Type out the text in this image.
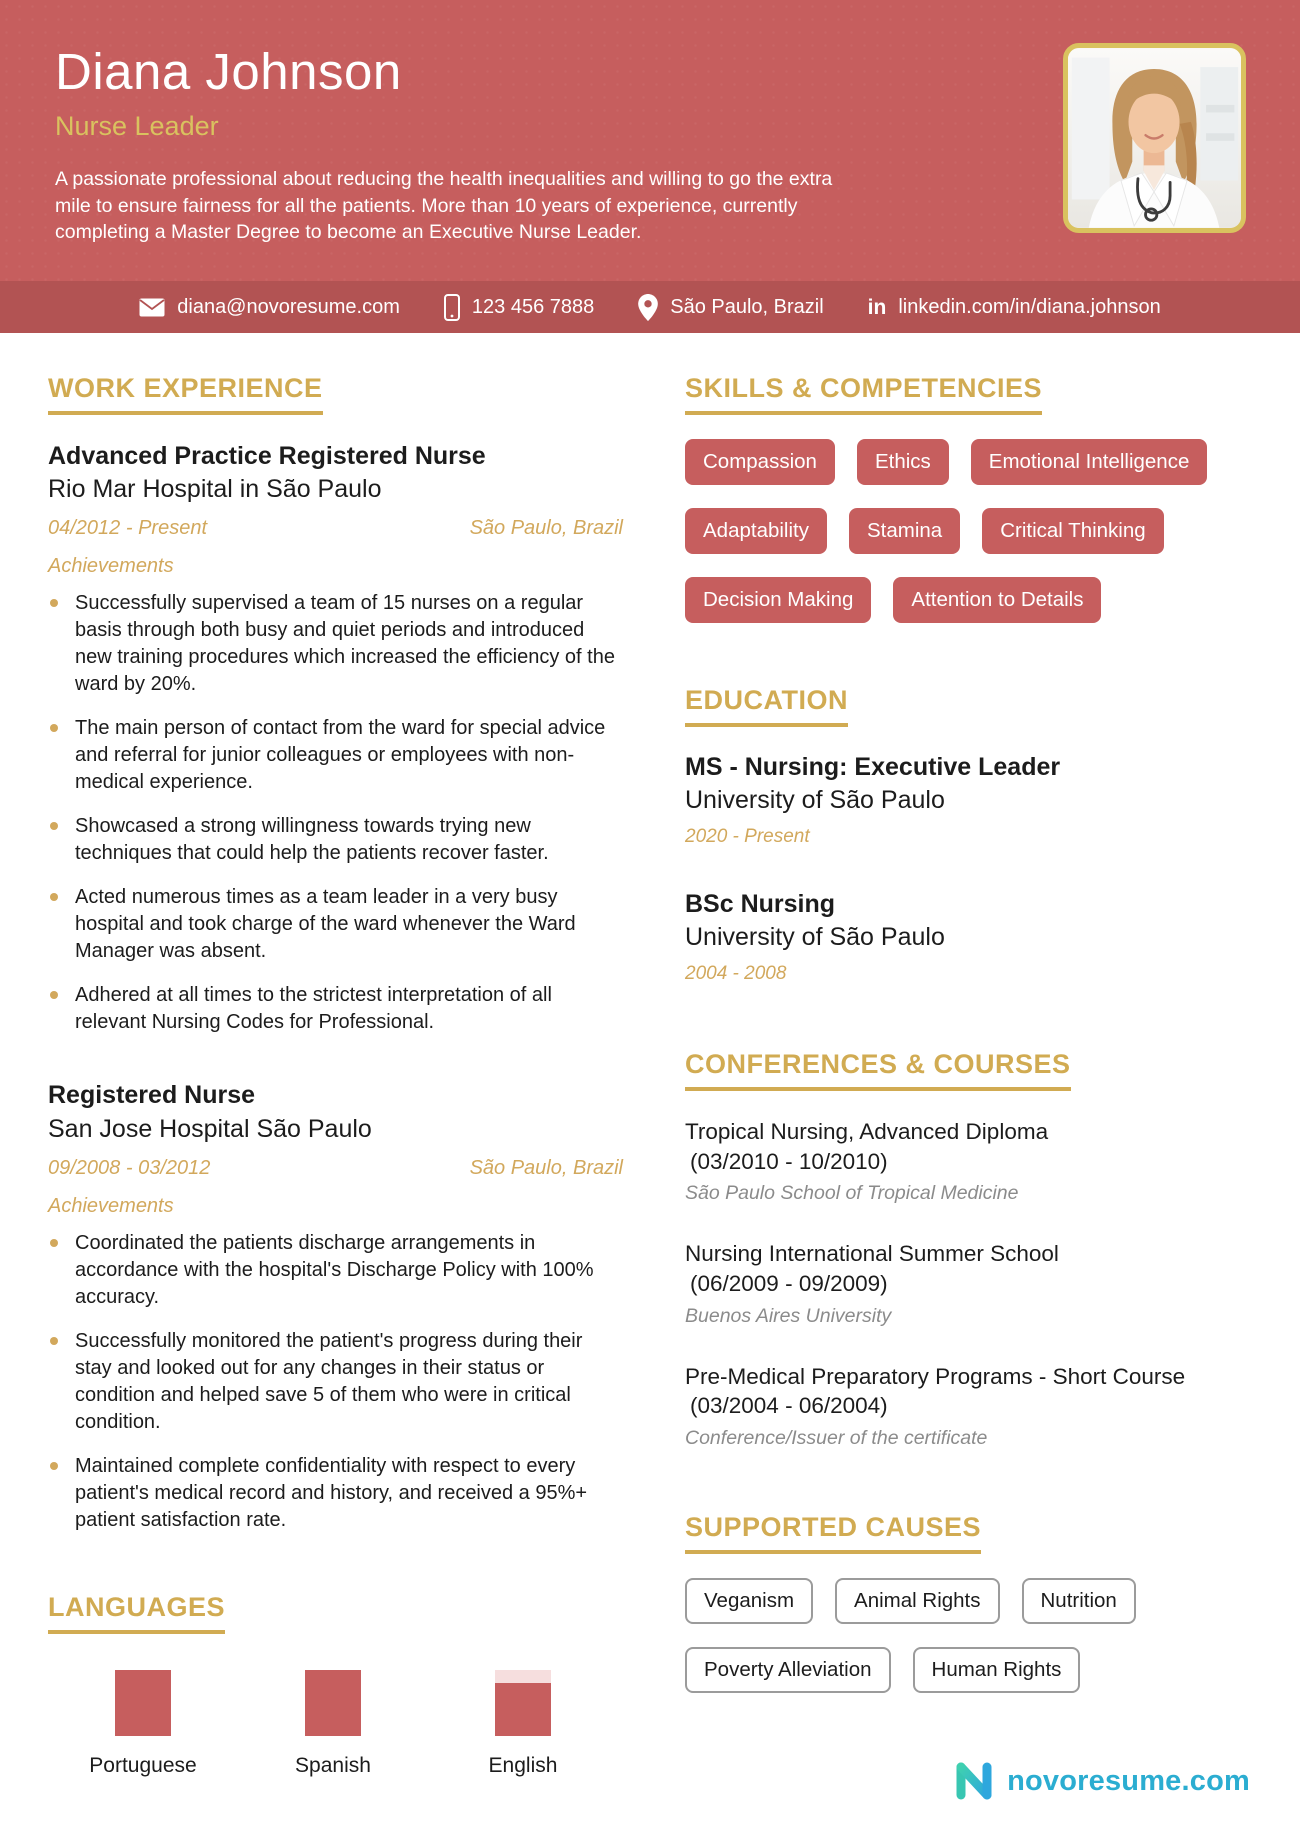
Diana Johnson
Nurse Leader
A passionate professional about reducing the health inequalities and willing to go the extra mile to ensure fairness for all the patients. More than 10 years of experience, currently completing a Master Degree to become an Executive Nurse Leader.
diana@novoresume.com	123 456 7888	São Paulo, Brazil in linkedin.com/in/diana.johnson
WORK EXPERIENCE
Advanced Practice Registered Nurse
Rio Mar Hospital in São Paulo
04/2012 - Present	São Paulo, Brazil
Achievements
Successfully supervised a team of 15 nurses on a regular basis through both busy and quiet periods and introduced new training procedures which increased the efficiency of the ward by 20%.
The main person of contact from the ward for special advice and referral for junior colleagues or employees with non-medical experience.
Showcased a strong willingness towards trying new techniques that could help the patients recover faster.
Acted numerous times as a team leader in a very busy hospital and took charge of the ward whenever the Ward Manager was absent.
Adhered at all times to the strictest interpretation of all relevant Nursing Codes for Professional.
Registered Nurse
San Jose Hospital São Paulo
09/2008 - 03/2012	São Paulo, Brazil
Achievements
Coordinated the patients discharge arrangements in accordance with the hospital's Discharge Policy with 100% accuracy.
Successfully monitored the patient's progress during their stay and looked out for any changes in their status or condition and helped save 5 of them who were in critical condition.
Maintained complete confidentiality with respect to every patient's medical record and history, and received a 95%+ patient satisfaction rate.
LANGUAGES
Portuguese	Spanish	English
SKILLS & COMPETENCIES
Compassion	Ethics	Emotional Intelligence
Adaptability	Stamina	Critical Thinking
Decision Making	Attention to Details
EDUCATION
MS - Nursing: Executive Leader
University of São Paulo
2020 - Present
BSc Nursing
University of São Paulo
2004 - 2008
CONFERENCES & COURSES
Tropical Nursing, Advanced Diploma
(03/2010 - 10/2010)
São Paulo School of Tropical Medicine
Nursing International Summer School
(06/2009 - 09/2009)
Buenos Aires University
Pre-Medical Preparatory Programs - Short Course
(03/2004 - 06/2004)
Conference/Issuer of the certificate
SUPPORTED CAUSES
Veganism	Animal Rights	Nutrition
Poverty Alleviation	Human Rights
novoresume.com
